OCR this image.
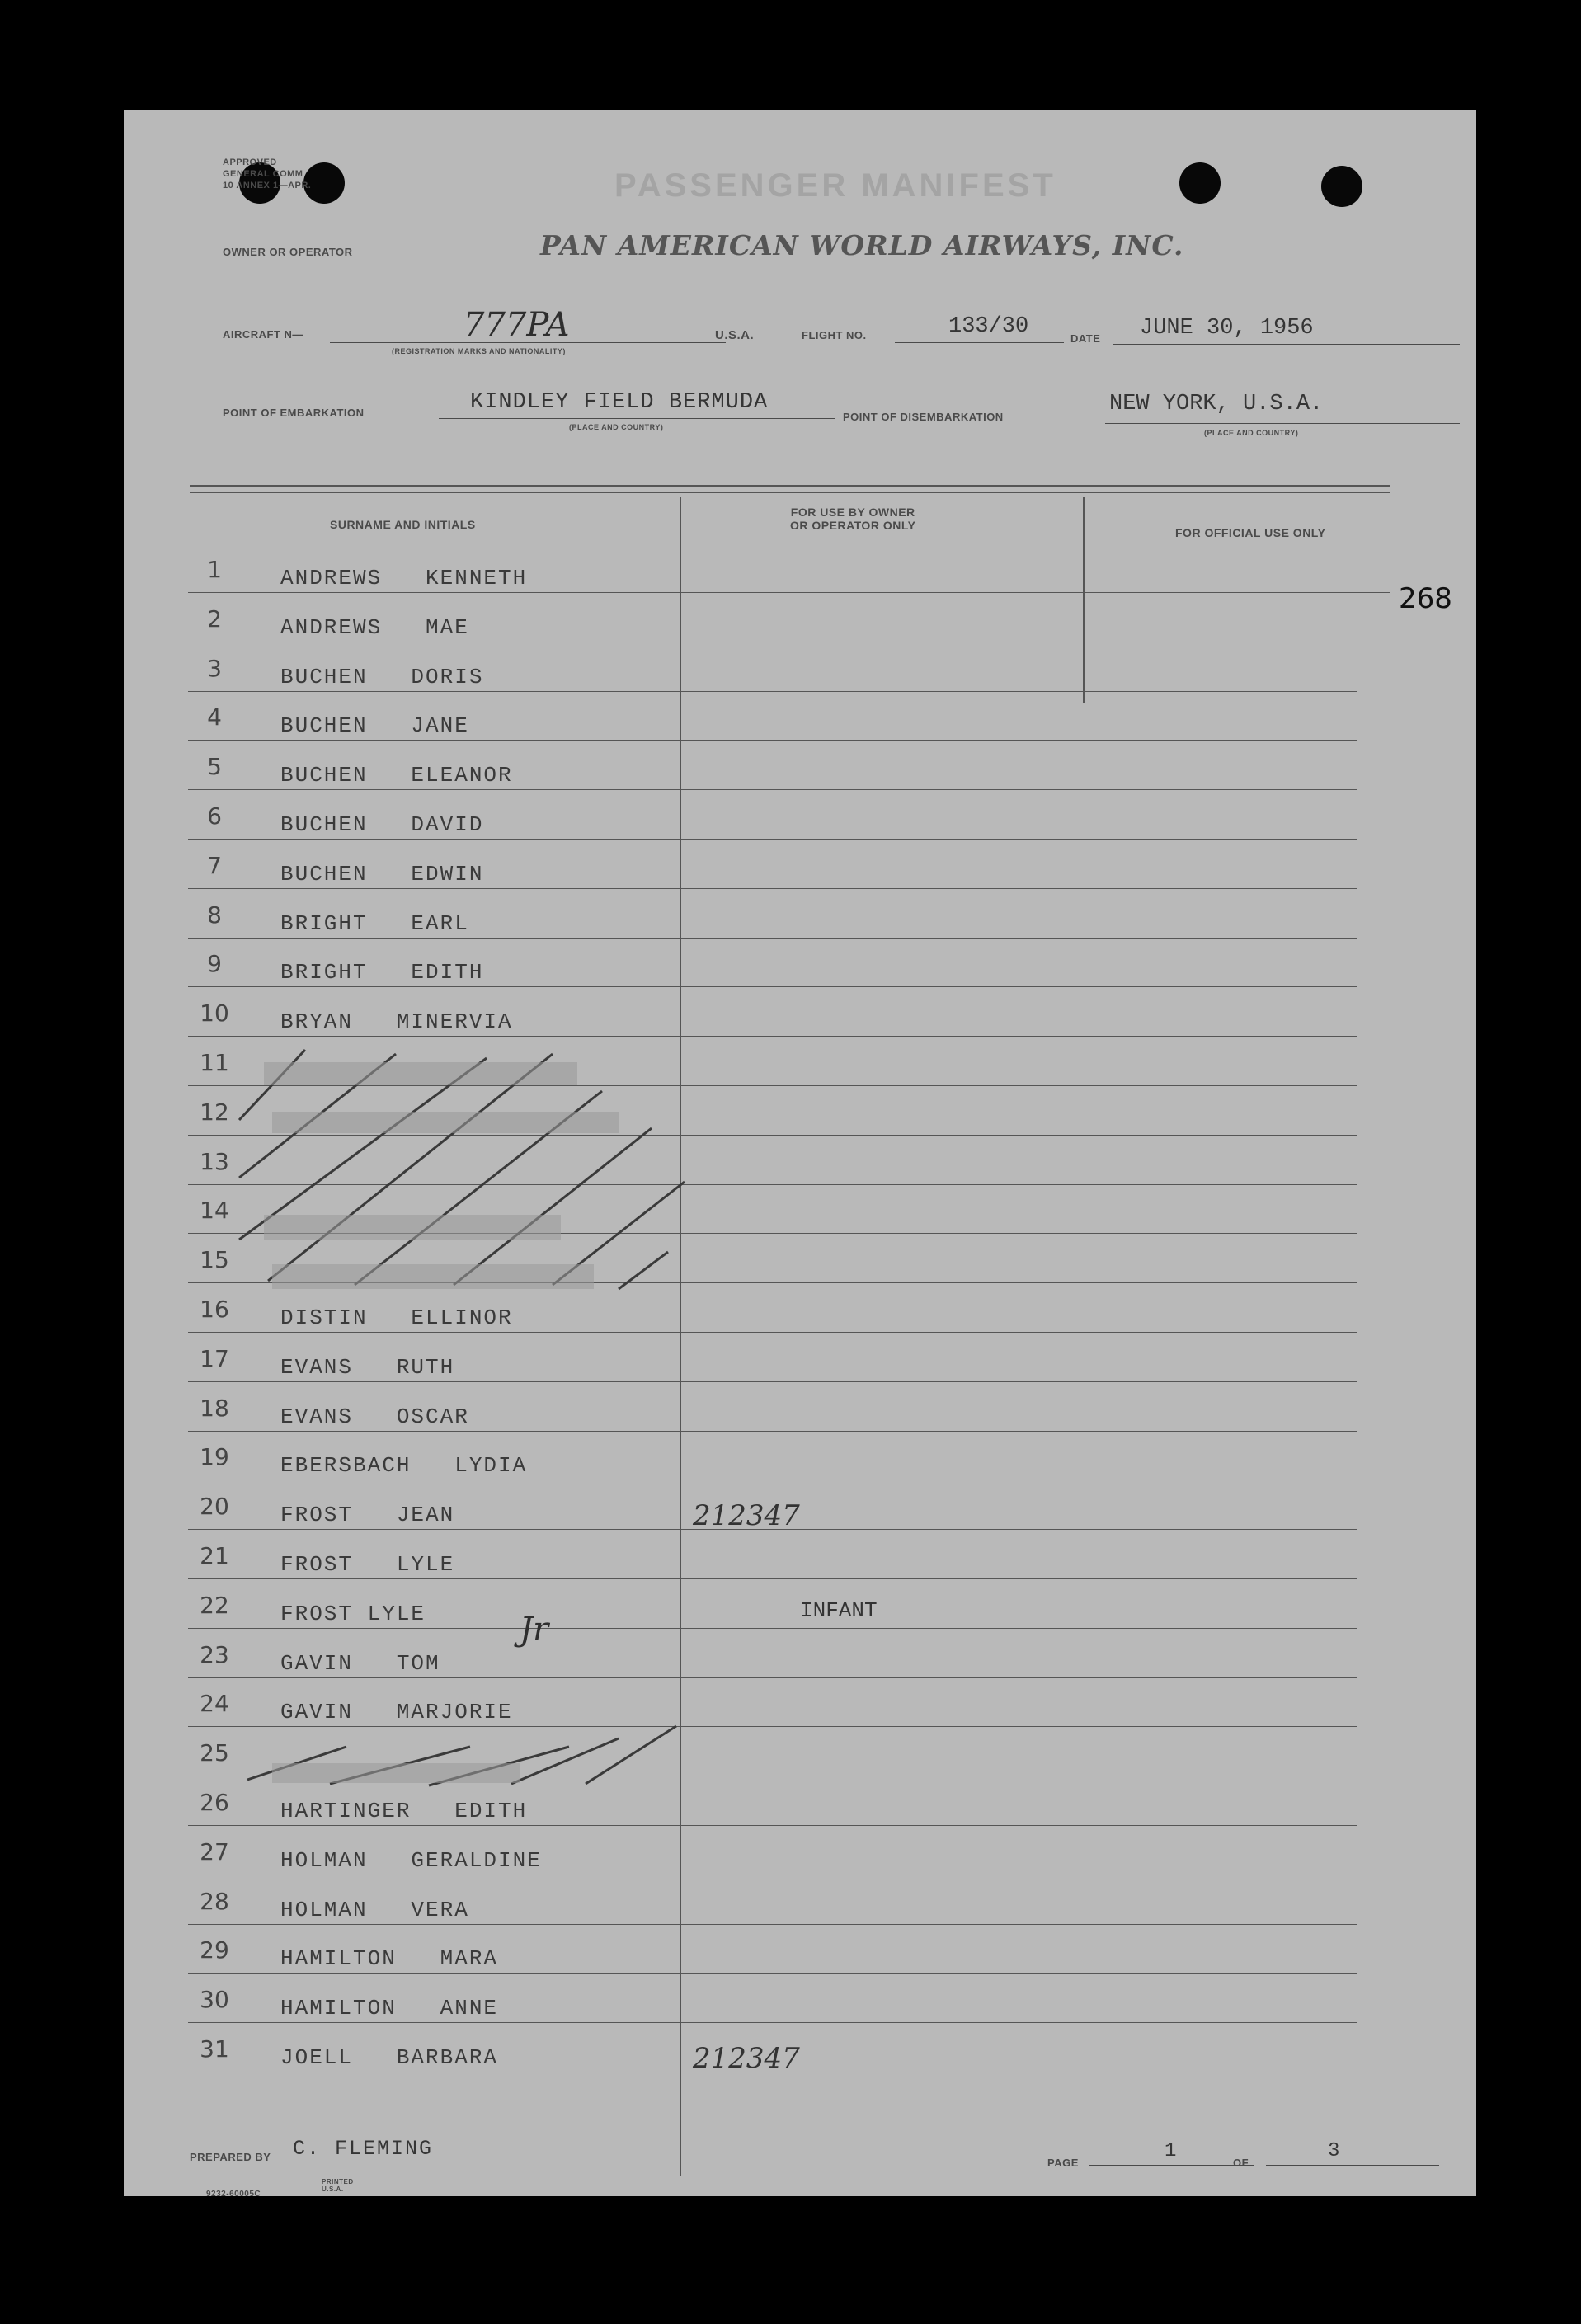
APPROVED
GENERAL COMM
10 ANNEX 1—APR.	PASSENGER MANIFEST
OWNER OR OPERATOR	PAN AMERICAN WORLD AIRWAYS, INC.
AIRCRAFT N—	777PA
(REGISTRATION MARKS AND NATIONALITY)
U.S.A.	FLIGHT NO.	133/30	DATE JUNE 30, 1956
POINT OF EMBARKATION	KINDLEY FIELD BERMUDA
(PLACE AND COUNTRY)
POINT OF DISEMBARKATION
NEW YORK, U.S.A.
(PLACE AND COUNTRY)
SURNAME AND INITIALS
FOR USE BY OWNER
OR OPERATOR ONLY
FOR OFFICIAL USE ONLY
268
1	ANDREWS   KENNETH
2	ANDREWS   MAE
3	BUCHEN   DORIS
4	BUCHEN   JANE
5	BUCHEN   ELEANOR
6	BUCHEN   DAVID
7	BUCHEN   EDWIN
8	BRIGHT   EARL
9	BRIGHT   EDITH
10	BRYAN   MINERVIA
11
12
13
14
15
16	DISTIN   ELLINOR
17	EVANS   RUTH
18	EVANS   OSCAR
19	EBERSBACH   LYDIA
20	FROST   JEAN	212347
21	FROST   LYLE
22	FROST LYLE	INFANT
23	GAVIN   TOM
24	GAVIN   MARJORIE
25
26	HARTINGER   EDITH
27	HOLMAN   GERALDINE
28	HOLMAN   VERA
29	HAMILTON   MARA
30	HAMILTON   ANNE
31	JOELL   BARBARA	212347
Jr
PREPARED BY C. FLEMING
PAGE
1
OF
3
9232-60005C
PRINTED U.S.A.
